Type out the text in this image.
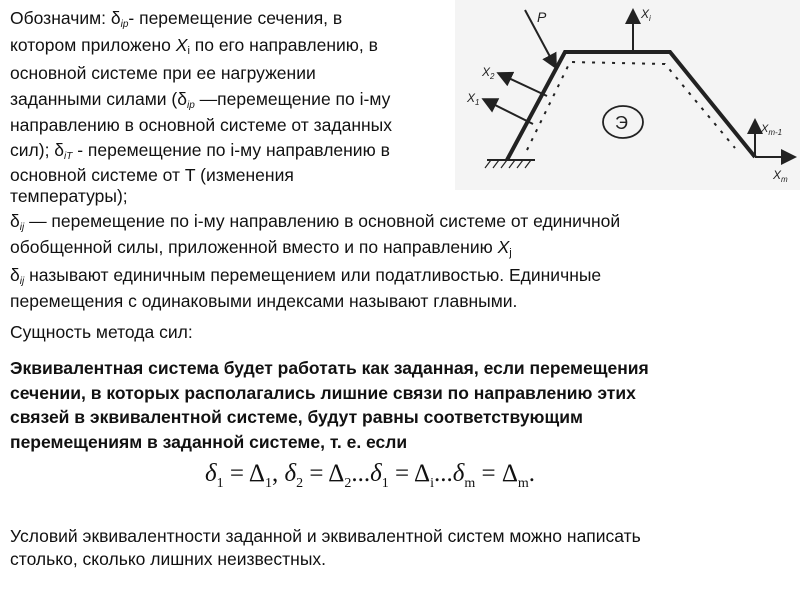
Обозначим: $\delta_{ip}-$ перемещение сечения, в
котором приложено Xi по его направлению, в
основной системе при ее нагружении
заданными силами ($\delta_{ip}$ —перемещение по i-му
направлению в основной системе от заданных
сил); $\delta_{iT}$ - перемещение по i-му направлению в
основной системе от T (изменения
температуры);
P
$X_2$
$X_1$
$X_i$
$X_{m-1}$
$X_m$
Э
$\delta_{ij}$ — перемещение по i-му направлению в основной системе от единичной
обобщенной силы, приложенной вместо и по направлению Xj
$\delta_{ij}$ называют единичным перемещением или податливостью. Единичные
перемещения с одинаковыми индексами называют главными.
Сущность метода сил:
Эквивалентная система будет работать как заданная, если перемещения
сечении, в которых располагались лишние связи по направлению этих
связей в эквивалентной системе, будут равны соответствующим
перемещениям в заданной системе, т. е. если
$\delta_1 = \Delta_1$, $\delta_2 = \Delta_2...\delta_1 = \Delta_i...\delta_m = \Delta_m$.
Условий эквивалентности заданной и эквивалентной систем можно написать
столько, сколько лишних неизвестных.
